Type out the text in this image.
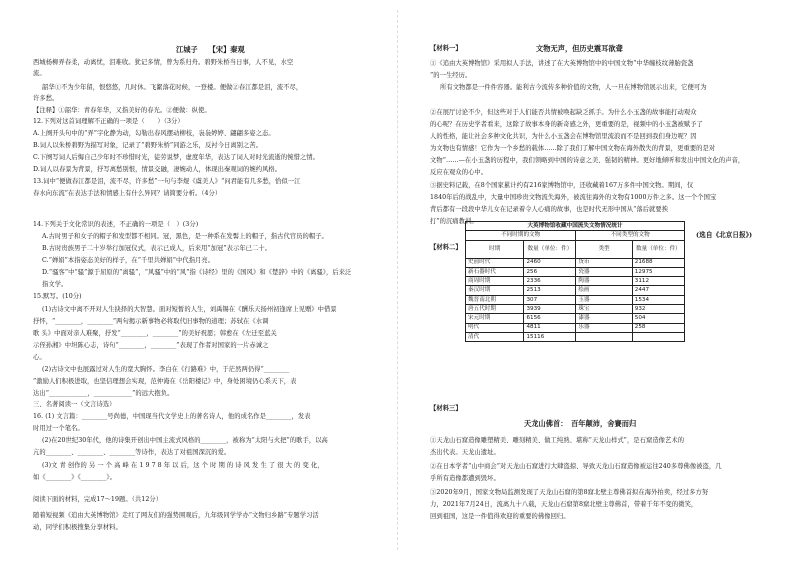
江城子　　【宋】秦观
西城杨柳弄春柔，动离忧，泪难收。犹记多情，曾为系归舟。碧野朱桥当日事，人不见，水空
流。
韶华①不为少年留，恨悠悠，几时休。飞絮落花时候，一登楼。便做②春江都是泪，流不尽，
许多愁。
【注释】①韶华：青春年华，又指美好的春光。②便做：纵使。
12.下列对这首词理解不正确的一项是（　　）（3分）
A.上阕开头句中的“弄”字化静为动，勾勒出春风摆动柳枝，袅袅婷婷、翩翩多姿之态。
B.词人以朱桥碧野为描写对象，记录了“碧野朱桥”同游之乐，反衬今日离别之苦。
C.下阕写词人后悔自己少年时不珍惜时光，徒劳说梦，虚度年华，表达了词人对时光流逝的惋惜之情。
D.词人以春景为背景，抒写离愁别恨，情景交融，凄婉动人，体现出秦观词的婉约风格。
13.词中“便做春江都是泪，流不尽，许多愁”一句与李煜《虞美人》“问君能有几多愁，恰似一江
春水向东流”在表达手法和情感上有什么异同？请简要分析。（4分）
14.下列关于文化常识的表述，不正确的一项是（　）(3分)
A.古时男子和女子的帽子和发型都不相同。冠，黑色，是一种系在发髻上的帽子，指古代官员的帽子。
B.古时贵族男子二十岁举行加冠仪式，表示已成人，后来用“加冠”表示年已二十。
C.“婵娟”本指姿态美好的样子，在“千里共婵娟”中代指月亮。
D.“骚客”中“骚”源于屈原的“离骚”，“风骚”中的“风”指《诗经》里的《国风》和《楚辞》中的《离骚》，后来泛
指文学。
15.默写。(10分)
(1)古诗文中离不开对人生抉择的大智慧。面对短暂的人生，刘禹锡在《酬乐天扬州初逢席上见赠》中借景
抒怀，“________，________”两句揭示新事物必将取代旧事物的道理；苏轼在《水调
歌 头》中面对亲人难聚，抒发“________，________”的美好祝愿；韩愈在《左迁至蓝关
示侄孙湘》中坦陈心志，诗句“________，________”表现了作者对国家的一片赤诚之
心。
(2)古诗文中也展露过对人生的宽大胸怀。李白在《行路难》中，于茫然两仍得“________
”激励人们积极进取，也坚信理想会实现，范仲淹在《岳阳楼记》中，身处困境仍心系天下，表
达出“____________，____________”的远大抱负。
三、名著阅读一（文言诗选）
16. (1) 文言篇：________号尚德，中国现当代文学史上的著名诗人，他的成名作是________，发表
时用过一个笔名。
(2)在20世纪30年代，他的诗集开创出中国主流式风格的________，被称为“太阳与火把”的歌手，以高
亢的________、________、________等诗作，表达了对祖国深沉的爱。
(3)文 青 创作的 另 一 个 高 峰 在 1 9 7 8 年 以 后，这 个 时 期 的 诗 风 发 生 了 很 大 的 变 化，
如《________》《________》。
阅读下面的材料，完成17～19题。（共12分）
随着短视频《追由大英博物馆》走红了网友们的强势围观后，九年级同学学办“文物归乡路”专题学习活
动，同学们积极搜集分享材料。
【材料一】	文物无声，但历史震耳欲聋
①《追由大英博物馆》采用拟人手法，讲述了在大英博物馆中的中国文物“中华缠枝纹薄胎瓷盏
”的一生经历。
所有文物都是一件件容器。能利古今流传多种价值的文物，人一旦在博物馆展示出来，它便可为
②在展厅讨论不少，但这些对于人们能否共情被唤起缺乏抓手。为什么小玉盏的故事能打动观众
的心呢？在历史学者看来，这除了故事本身的新奇感之外，更重要的是，视频中的小玉盏被赋予了
人的性格，能让社会多种文化共识，为什么小玉盏会在博物馆里流浪而不是回到我们身边呢？因
为文物也有情感！它作为一个乡愁的载体......除了我们了解中国文物在海外散失的背景，更重要的是对
文物”……—在小玉盏的历程中，我们领略到中国的诗意之美、强韧的精神。更好地倾听和发出中国文化的声音，
反应在观众的心中。
③据史料记载，在8个国家累计约有216家博物馆中，还收藏着167万多件中国文物。期间，仅
1840年后的战乱中，大量中国珍贵文物流失海外，被流往海外的文物有1000万件之多。这一个个国宝
背后都有一段段中华儿女在记录着令人心痛的故事，也是时代无形中国从“落后就要挨
打”的沉痛教训。
(选自《北京日报》)
【材料二】
【材料三】
天龙山佛首：　百年颠沛，舍賽而归
①天龙山石窟造像雕塑精美、雕刻精美、做工纯熟、堪称“天龙山样式”，是石窟造像艺术的
杰出代表。天龙山遗址。
②在日本学者“山中商会”对天龙山石窟进行大肆盗掠、导致天龙山石窟造像被运往240多尊佛像被盗，几
乎所有造像都遭到毁坏。
③2020年9月，国家文物局监测发现了天龙山石窟的第8窟北壁主尊佛首拟在海外拍卖，经过多方努
力，2021年7月24日，流离九十八载，天龙山石窟第8窟北壁主尊佛首，带着千年不变的微笑，
回到祖国，这是一件值得欢迎的重要的佛像回归。
大英博物馆收藏中国流失文物情况统计			
不同时期的文物		不同类型的文物	
时期	数量（单位：件）	类型	数量（单位：件）
史前时代	2460	货币	21688
新石器时代	256	瓷器	12975
商周时期	2336	陶器	3112
秦汉时期	2513	绘画	2447
魏晋南北朝	307	玉器	1534
唐五代时期	3939	珠宝	932
宋元时期	6156	漆器	504
明代	4811	乐器	258
清代	15116		
